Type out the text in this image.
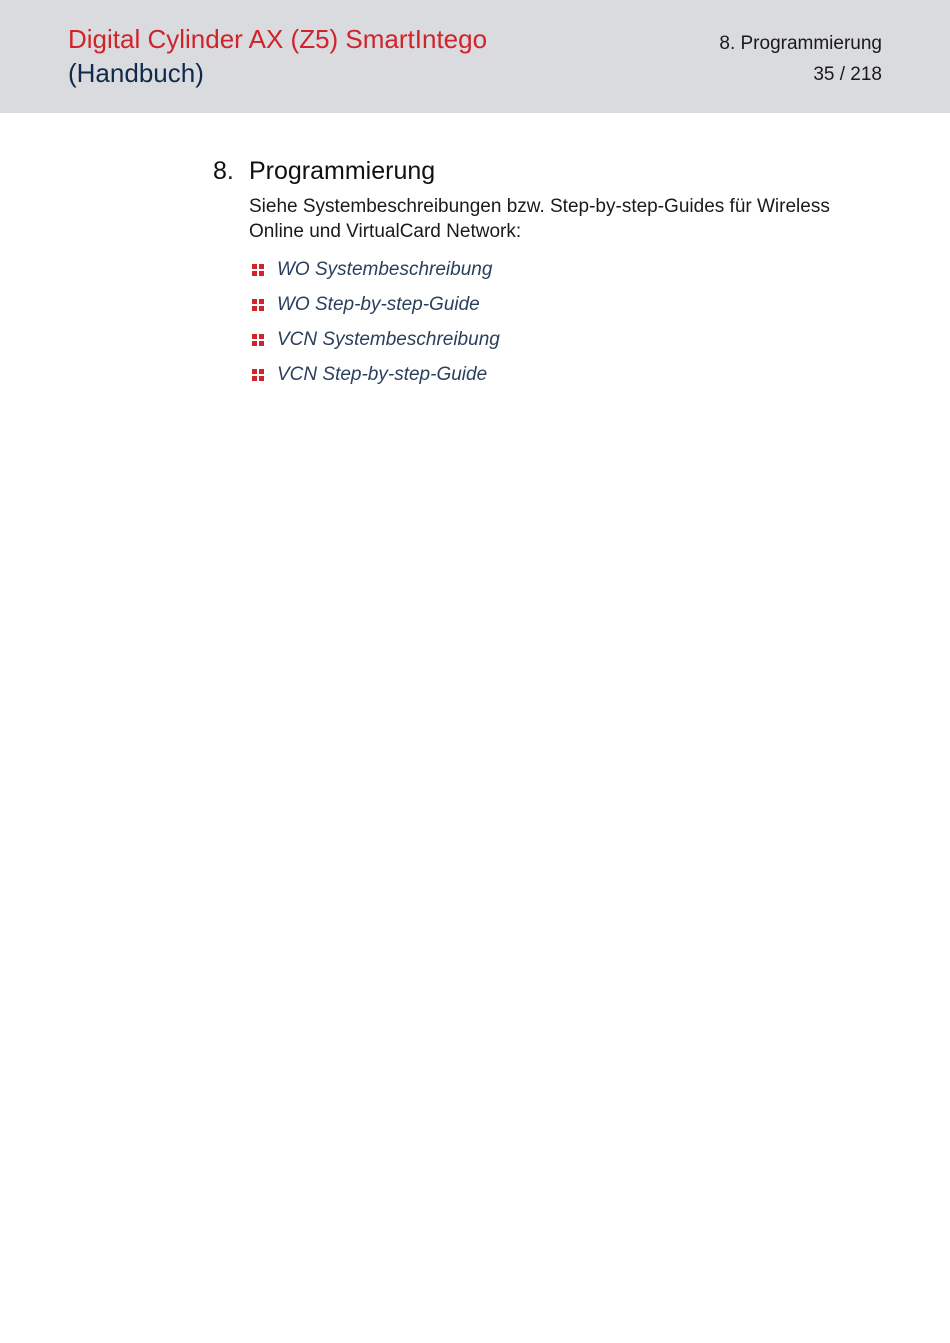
Digital Cylinder AX (Z5) SmartIntego
(Handbuch)
8. Programmierung
35 / 218
8. Programmierung
Siehe Systembeschreibungen bzw. Step-by-step-Guides für Wireless Online und VirtualCard Network:
WO Systembeschreibung
WO Step-by-step-Guide
VCN Systembeschreibung
VCN Step-by-step-Guide
